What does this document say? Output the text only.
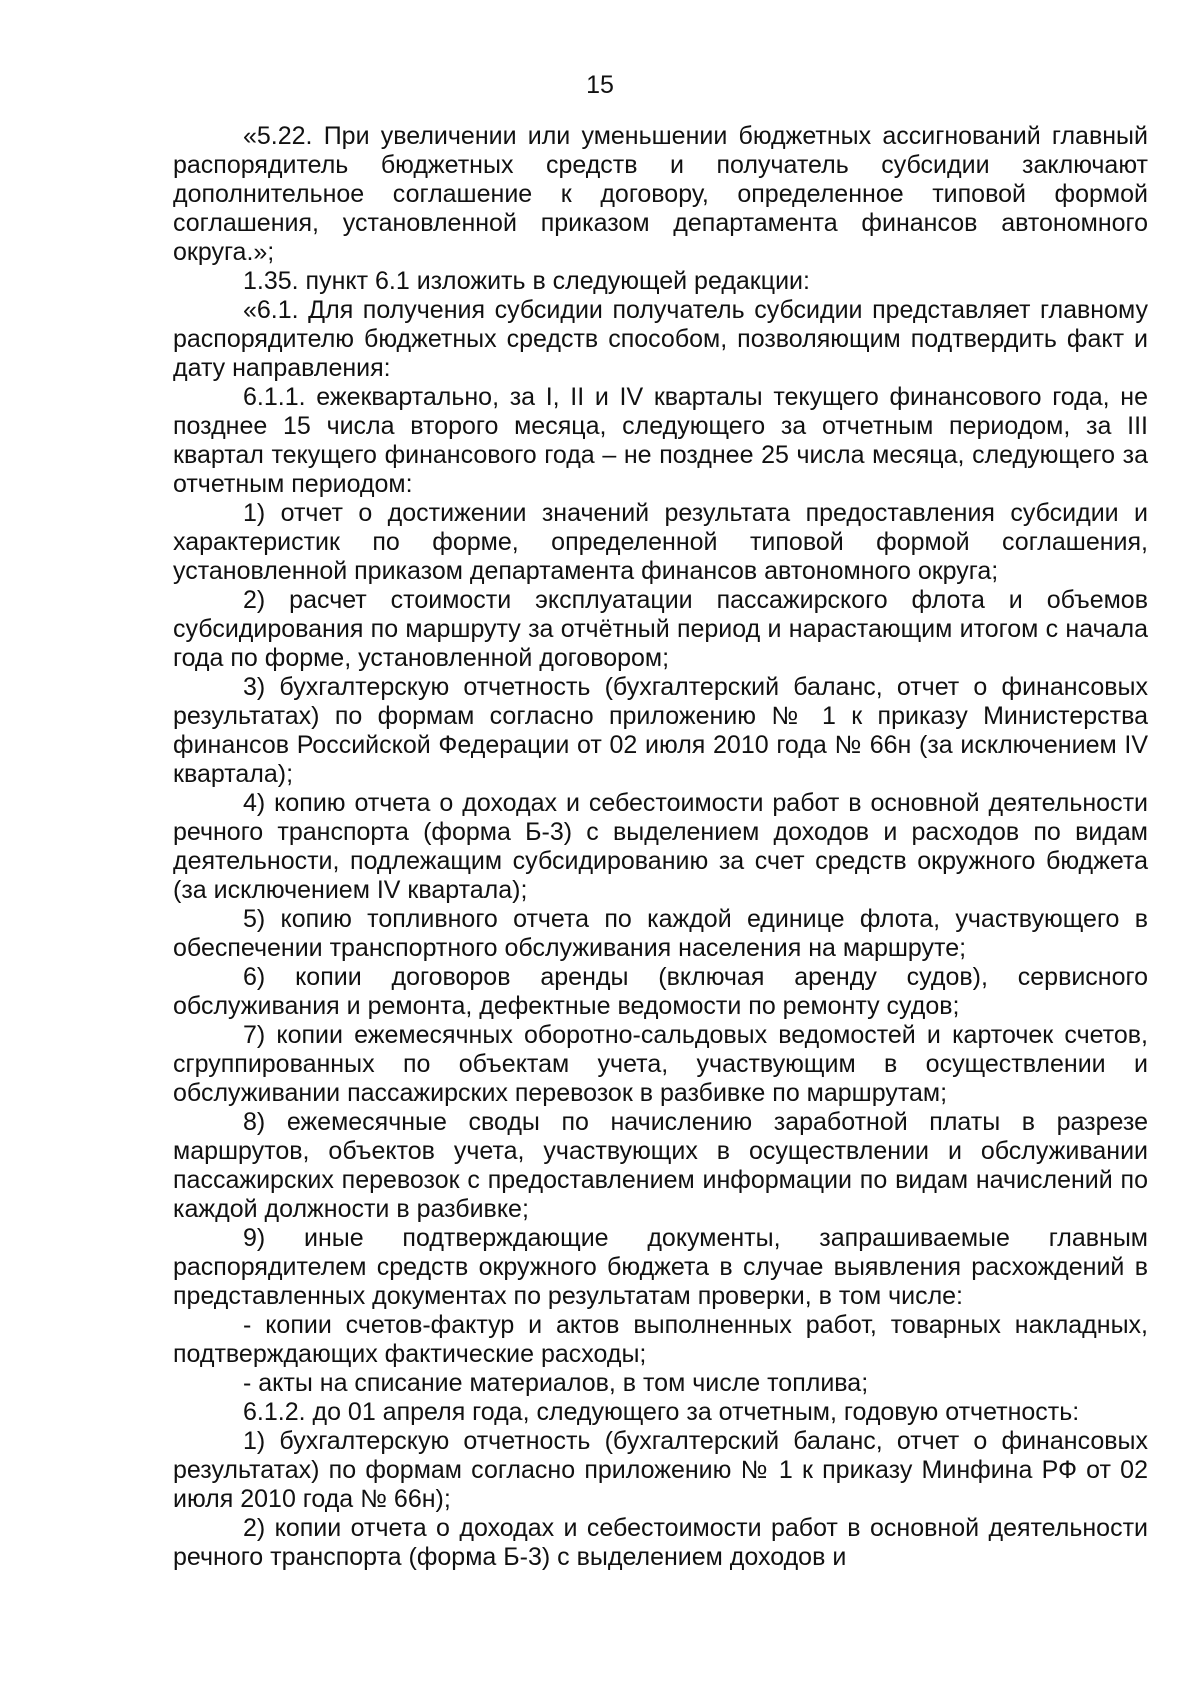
15

«5.22. При увеличении или уменьшении бюджетных ассигнований главный распорядитель бюджетных средств и получатель субсидии заключают дополнительное соглашение к договору, определенное типовой формой соглашения, установленной приказом департамента финансов автономного округа.»;

1.35. пункт 6.1 изложить в следующей редакции:

«6.1. Для получения субсидии получатель субсидии представляет главному распорядителю бюджетных средств способом, позволяющим подтвердить факт и дату направления:

6.1.1. ежеквартально, за I, II и IV кварталы текущего финансового года, не позднее 15 числа второго месяца, следующего за отчетным периодом, за III квартал текущего финансового года – не позднее 25 числа месяца, следующего за отчетным периодом:

1) отчет о достижении значений результата предоставления субсидии и характеристик по форме, определенной типовой формой соглашения, установленной приказом департамента финансов автономного округа;

2) расчет стоимости эксплуатации пассажирского флота и объемов субсидирования по маршруту за отчётный период и нарастающим итогом с начала года по форме, установленной договором;

3) бухгалтерскую отчетность (бухгалтерский баланс, отчет о финансовых результатах) по формам согласно приложению № 1 к приказу Министерства финансов Российской Федерации от 02 июля 2010 года № 66н (за исключением IV квартала);

4) копию отчета о доходах и себестоимости работ в основной деятельности речного транспорта (форма Б-3) с выделением доходов и расходов по видам деятельности, подлежащим субсидированию за счет средств окружного бюджета (за исключением IV квартала);

5) копию топливного отчета по каждой единице флота, участвующего в обеспечении транспортного обслуживания населения на маршруте;

6) копии договоров аренды (включая аренду судов), сервисного обслуживания и ремонта, дефектные ведомости по ремонту судов;

7) копии ежемесячных оборотно-сальдовых ведомостей и карточек счетов, сгруппированных по объектам учета, участвующим в осуществлении и обслуживании пассажирских перевозок в разбивке по маршрутам;

8) ежемесячные своды по начислению заработной платы в разрезе маршрутов, объектов учета, участвующих в осуществлении и обслуживании пассажирских перевозок с предоставлением информации по видам начислений по каждой должности в разбивке;

9) иные подтверждающие документы, запрашиваемые главным распорядителем средств окружного бюджета в случае выявления расхождений в представленных документах по результатам проверки, в том числе:

- копии счетов-фактур и актов выполненных работ, товарных накладных, подтверждающих фактические расходы;

- акты на списание материалов, в том числе топлива;

6.1.2. до 01 апреля года, следующего за отчетным, годовую отчетность:

1) бухгалтерскую отчетность (бухгалтерский баланс, отчет о финансовых результатах) по формам согласно приложению № 1 к приказу Минфина РФ от 02 июля 2010 года № 66н);

2) копии отчета о доходах и себестоимости работ в основной деятельности речного транспорта (форма Б-3) с выделением доходов и
